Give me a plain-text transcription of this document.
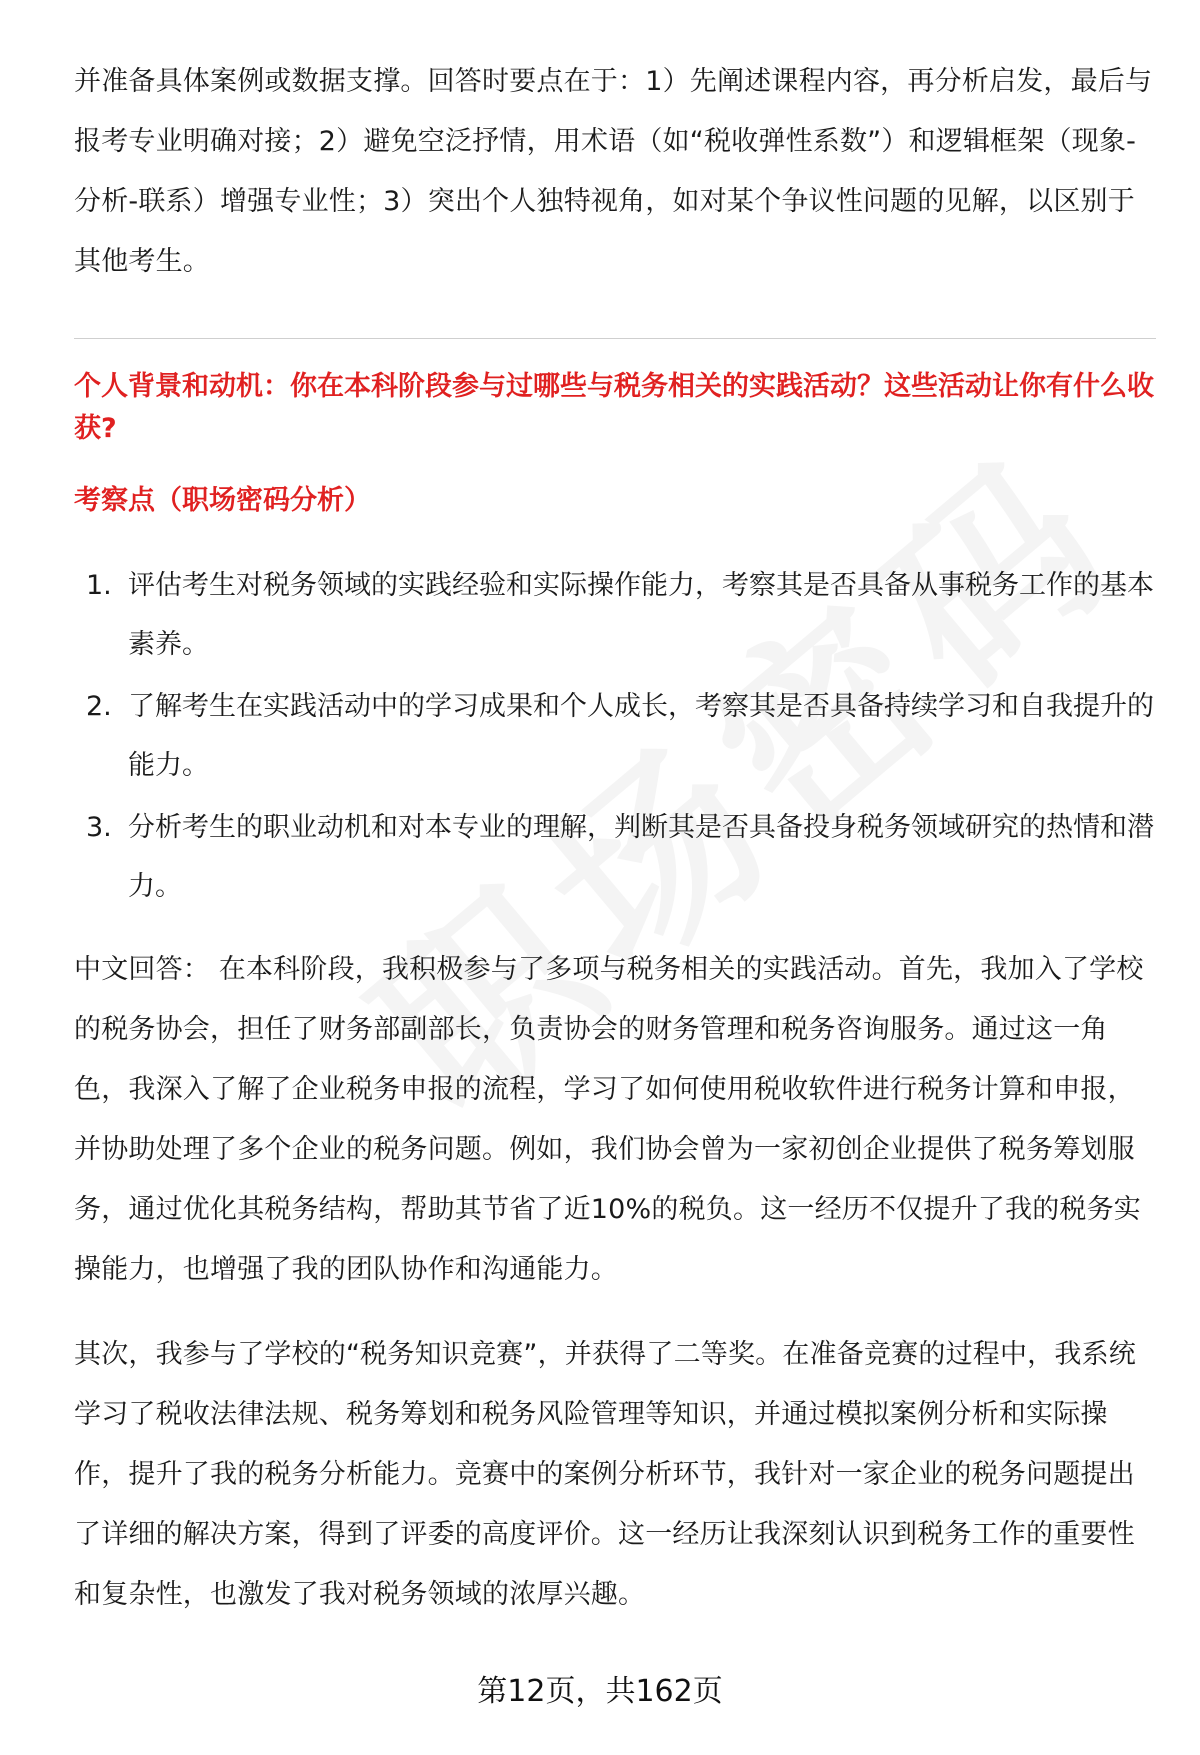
并准备具体案例或数据支撑。回答时要点在于：1）先阐述课程内容，再分析启发，最后与报考专业明确对接；2）避免空泛抒情，用术语（如“税收弹性系数”）和逻辑框架（现象-分析-联系）增强专业性；3）突出个人独特视角，如对某个争议性问题的见解，以区别于其他考生。

个人背景和动机：你在本科阶段参与过哪些与税务相关的实践活动？这些活动让你有什么收获?

考察点（职场密码分析）

1. 评估考生对税务领域的实践经验和实际操作能力，考察其是否具备从事税务工作的基本素养。
2. 了解考生在实践活动中的学习成果和个人成长，考察其是否具备持续学习和自我提升的能力。
3. 分析考生的职业动机和对本专业的理解，判断其是否具备投身税务领域研究的热情和潜力。

中文回答： 在本科阶段，我积极参与了多项与税务相关的实践活动。首先，我加入了学校的税务协会，担任了财务部副部长，负责协会的财务管理和税务咨询服务。通过这一角色，我深入了解了企业税务申报的流程，学习了如何使用税收软件进行税务计算和申报，并协助处理了多个企业的税务问题。例如，我们协会曾为一家初创企业提供了税务筹划服务，通过优化其税务结构，帮助其节省了近10%的税负。这一经历不仅提升了我的税务实操能力，也增强了我的团队协作和沟通能力。

其次，我参与了学校的“税务知识竞赛”，并获得了二等奖。在准备竞赛的过程中，我系统学习了税收法律法规、税务筹划和税务风险管理等知识，并通过模拟案例分析和实际操作，提升了我的税务分析能力。竞赛中的案例分析环节，我针对一家企业的税务问题提出了详细的解决方案，得到了评委的高度评价。这一经历让我深刻认识到税务工作的重要性和复杂性，也激发了我对税务领域的浓厚兴趣。

第12页，共162页
